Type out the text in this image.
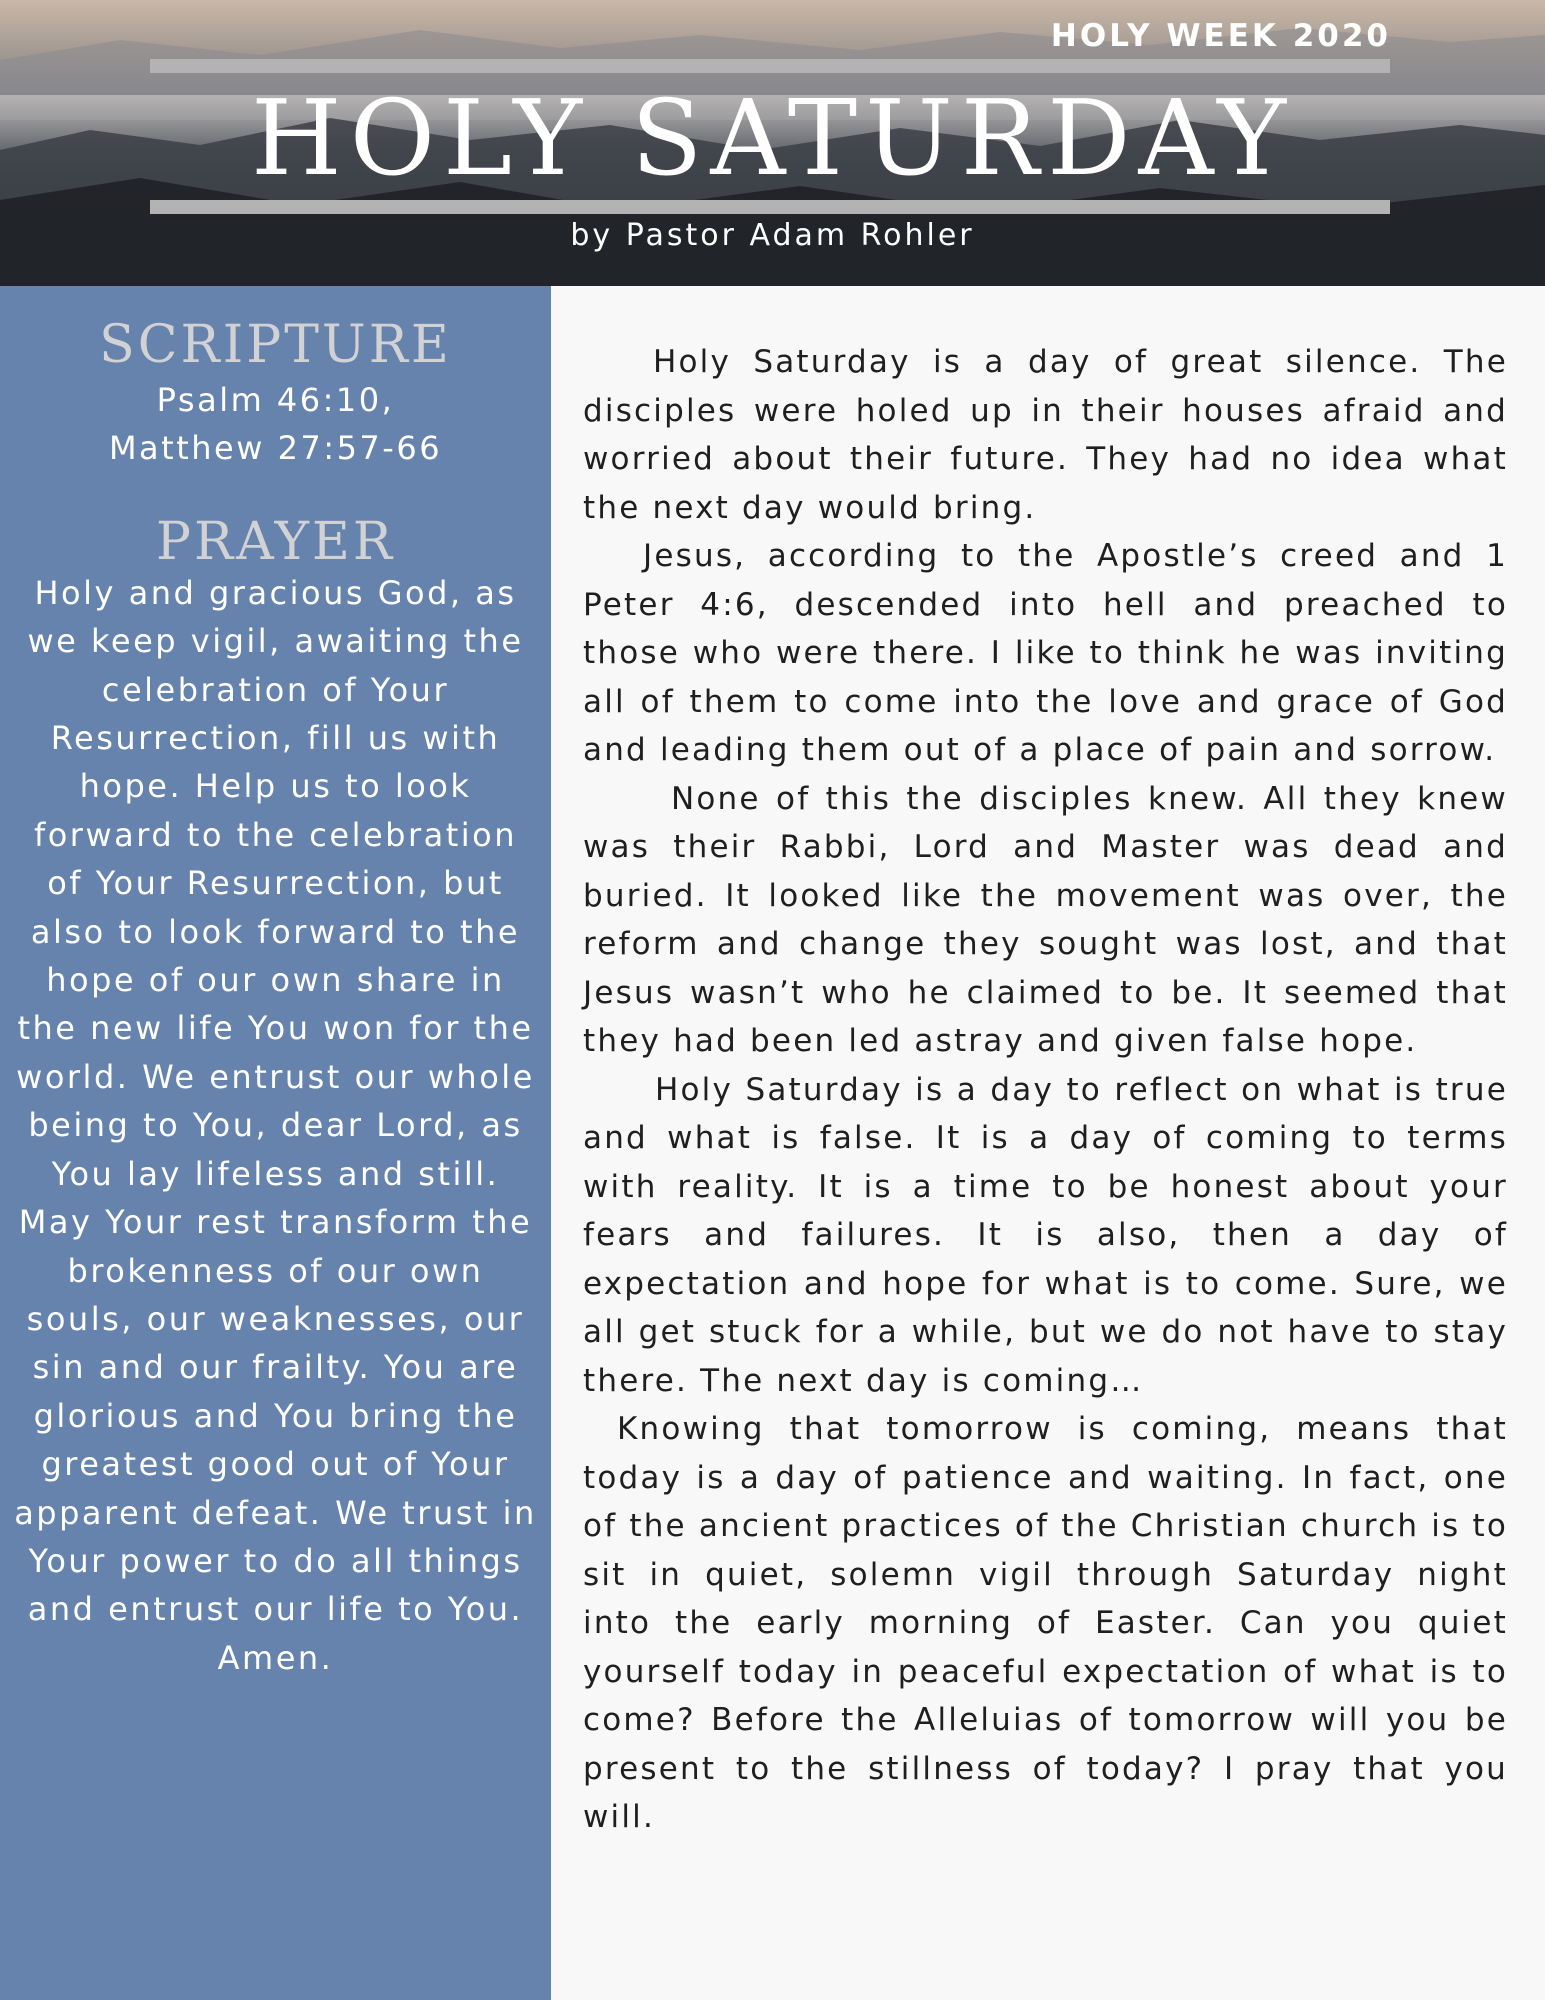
HOLY WEEK 2020
HOLY SATURDAY
by Pastor Adam Rohler
SCRIPTURE
Psalm 46:10,
Matthew 27:57-66
PRAYER
Holy and gracious God, as we keep vigil, awaiting the celebration of Your Resurrection, fill us with hope. Help us to look forward to the celebration of Your Resurrection, but also to look forward to the hope of our own share in the new life You won for the world. We entrust our whole being to You, dear Lord, as You lay lifeless and still. May Your rest transform the brokenness of our own souls, our weaknesses, our sin and our frailty. You are glorious and You bring the greatest good out of Your apparent defeat. We trust in Your power to do all things and entrust our life to You. Amen.

Holy Saturday is a day of great silence. The disciples were holed up in their houses afraid and worried about their future. They had no idea what the next day would bring.

Jesus, according to the Apostle’s creed and 1 Peter 4:6, descended into hell and preached to those who were there. I like to think he was inviting all of them to come into the love and grace of God and leading them out of a place of pain and sorrow.

None of this the disciples knew. All they knew was their Rabbi, Lord and Master was dead and buried. It looked like the movement was over, the reform and change they sought was lost, and that Jesus wasn’t who he claimed to be. It seemed that they had been led astray and given false hope.

Holy Saturday is a day to reflect on what is true and what is false. It is a day of coming to terms with reality. It is a time to be honest about your fears and failures. It is also, then a day of expectation and hope for what is to come. Sure, we all get stuck for a while, but we do not have to stay there. The next day is coming…

Knowing that tomorrow is coming, means that today is a day of patience and waiting. In fact, one of the ancient practices of the Christian church is to sit in quiet, solemn vigil through Saturday night into the early morning of Easter. Can you quiet yourself today in peaceful expectation of what is to come? Before the Alleluias of tomorrow will you be present to the stillness of today? I pray that you will.
